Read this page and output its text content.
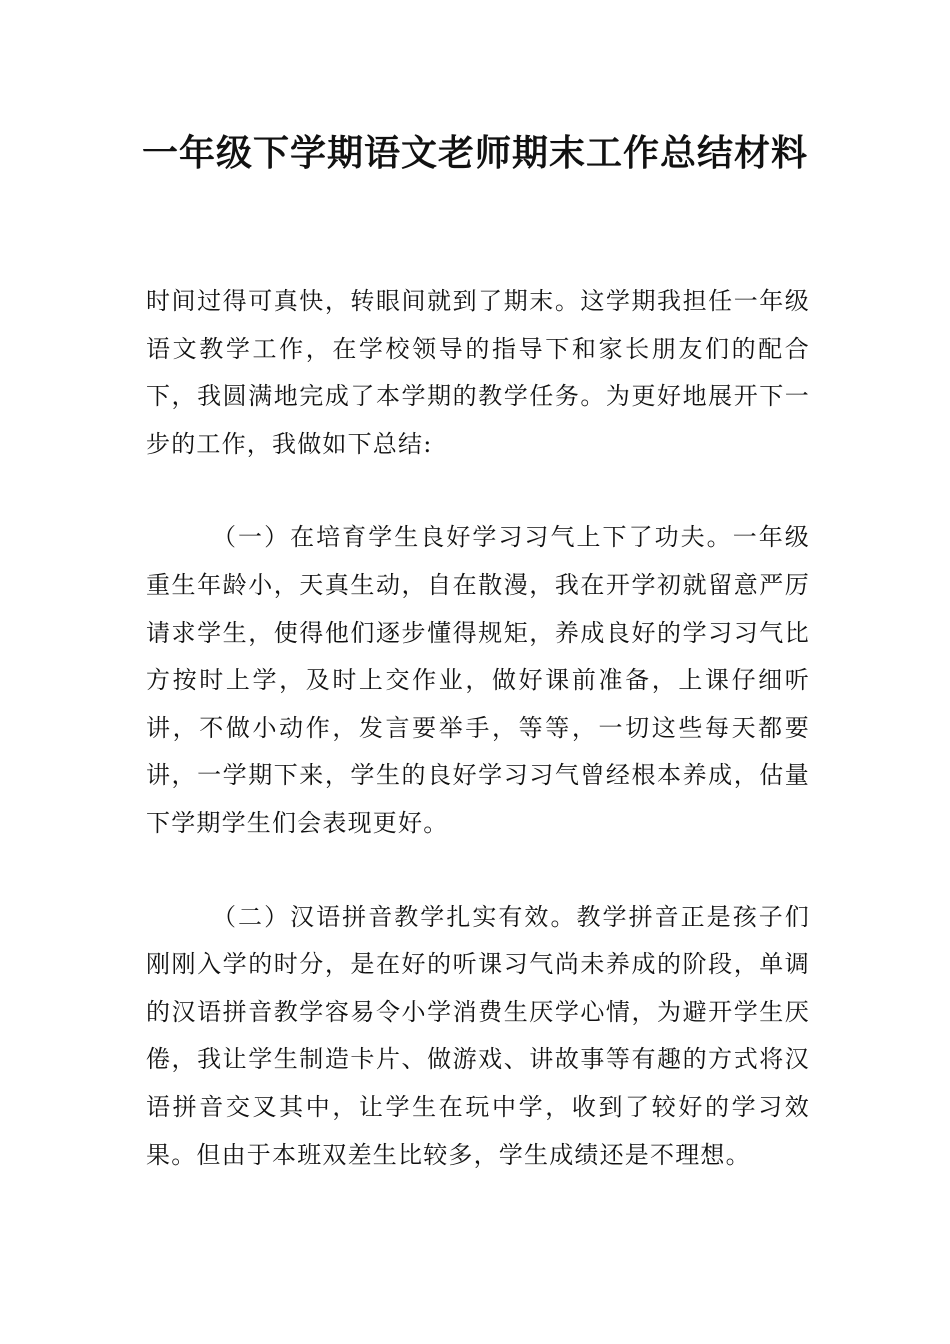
一年级下学期语文老师期末工作总结材料

时间过得可真快，转眼间就到了期末。这学期我担任一年级语文教学工作，在学校领导的指导下和家长朋友们的配合下，我圆满地完成了本学期的教学任务。为更好地展开下一步的工作，我做如下总结:

（一）在培育学生良好学习习气上下了功夫。一年级重生年龄小，天真生动，自在散漫，我在开学初就留意严厉请求学生，使得他们逐步懂得规矩，养成良好的学习习气比方按时上学，及时上交作业，做好课前准备，上课仔细听讲，不做小动作，发言要举手，等等，一切这些每天都要讲，一学期下来，学生的良好学习习气曾经根本养成，估量下学期学生们会表现更好。

（二）汉语拼音教学扎实有效。教学拼音正是孩子们刚刚入学的时分，是在好的听课习气尚未养成的阶段，单调的汉语拼音教学容易令小学消费生厌学心情，为避开学生厌倦，我让学生制造卡片、做游戏、讲故事等有趣的方式将汉语拼音交叉其中，让学生在玩中学，收到了较好的学习效果。但由于本班双差生比较多，学生成绩还是不理想。
